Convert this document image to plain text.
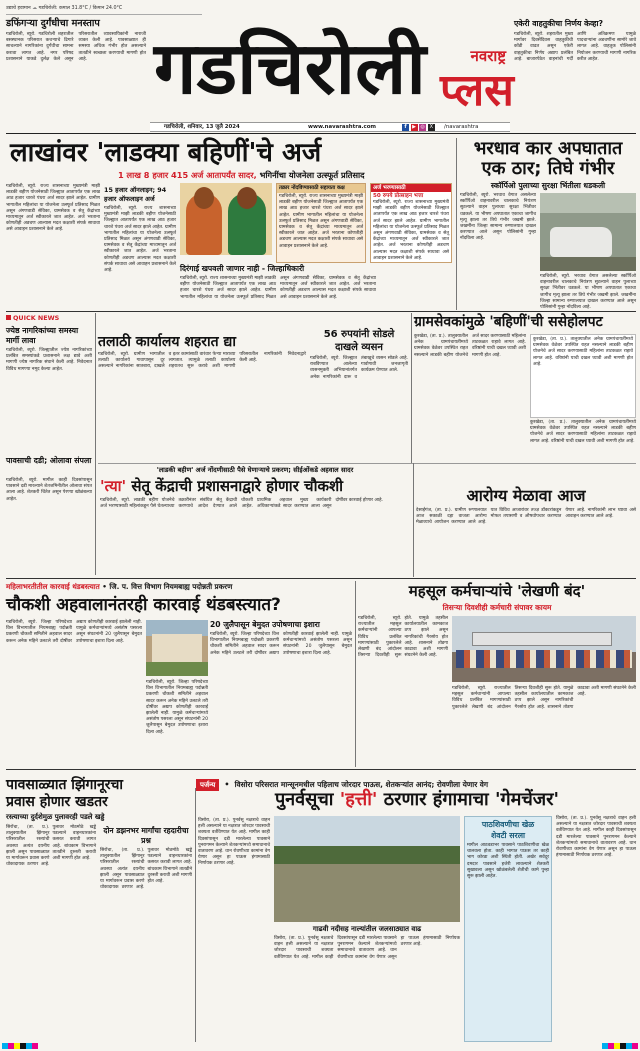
उद्याचे हवामान ☁ गडचिरोली: कमाल 31.8°C / किमान 24.0°C
गडचिरोली	नवराष्ट्र
प्लस
गडचिरोली, शनिवार, 13 जुलै 2024	www.navarashtra.com	f ▶ ◎ X	/navarashtra
डफिंगऱ्या दुर्गंधीचा मनस्ताप
गडचिरोली, ब्यूरो. गडचिरोली शहरातील बसस्थानक परिसरात कचऱ्याचे ढिगारे साचल्याने नागरिकांना दुर्गंधीचा सामना करावा लागत आहे. नगर परिषद प्रशासनाने याकडे दुर्लक्ष केले असून परिसरातील व्यावसायिकांनी नाराजी व्यक्त केली आहे. पावसाळ्यात ही समस्या अधिक गंभीर होत असल्याने तातडीने स्वच्छता करण्याची मागणी होत आहे.
एकेरी वाहतुकीचा निर्णय केव्हा?
गडचिरोली, ब्यूरो. शहरातील मुख्य मार्गावर दिवसेंदिवस वाहतुकीची कोंडी वाढत असून एकेरी वाहतुकीचा निर्णय अद्याप प्रलंबित आहे. बाजारपेठेत वाहनांची गर्दी आणि अतिक्रमण यामुळे पादचाऱ्यांना अडचणींना सामोरे जावे लागत आहे. वाहतूक पोलिसांनी नियोजन करण्याची मागणी नागरिक करीत आहेत.
लाखांवर 'लाडक्या बहिणीं'चे अर्ज
1 लाख 8 हजार 415 अर्ज आतापर्यंत सादर, भगिनींचा योजनेला उत्स्फूर्त प्रतिसाद
गडचिरोली, ब्यूरो. राज्य शासनाच्या मुख्यमंत्री माझी लाडकी बहीण योजनेसाठी जिल्ह्यात आतापर्यंत एक लाख आठ हजार चारशे पंधरा अर्ज सादर झाले आहेत. ग्रामीण भागातील महिलांचा या योजनेला उत्स्फूर्त प्रतिसाद मिळत असून अंगणवाडी सेविका, ग्रामसेवक व सेतू केंद्रांच्या माध्यमातून अर्ज स्वीकारले जात आहेत. अर्ज भरताना कोणतीही अडचण आल्यास मदत कक्षाशी संपर्क साधावा असे आवाहन प्रशासनाने केले आहे.
15 हजार ऑनलाइन; 94 हजार ऑफलाइन अर्ज
गडचिरोली, ब्यूरो. राज्य शासनाच्या मुख्यमंत्री माझी लाडकी बहीण योजनेसाठी जिल्ह्यात आतापर्यंत एक लाख आठ हजार चारशे पंधरा अर्ज सादर झाले आहेत. ग्रामीण भागातील महिलांचा या योजनेला उत्स्फूर्त प्रतिसाद मिळत असून अंगणवाडी सेविका, ग्रामसेवक व सेतू केंद्रांच्या माध्यमातून अर्ज स्वीकारले जात आहेत. अर्ज भरताना कोणतीही अडचण आल्यास मदत कक्षाशी संपर्क साधावा असे आवाहन प्रशासनाने केले आहे.	दिरंगाई खपवली जाणार नाही - जिल्हाधिकारी
गडचिरोली, ब्यूरो. राज्य शासनाच्या मुख्यमंत्री माझी लाडकी बहीण योजनेसाठी जिल्ह्यात आतापर्यंत एक लाख आठ हजार चारशे पंधरा अर्ज सादर झाले आहेत. ग्रामीण भागातील महिलांचा या योजनेला उत्स्फूर्त प्रतिसाद मिळत असून अंगणवाडी सेविका, ग्रामसेवक व सेतू केंद्रांच्या माध्यमातून अर्ज स्वीकारले जात आहेत. अर्ज भरताना कोणतीही अडचण आल्यास मदत कक्षाशी संपर्क साधावा असे आवाहन प्रशासनाने केले आहे.
तक्रार नोंदविण्यासाठी सहायता कक्ष
गडचिरोली, ब्यूरो. राज्य शासनाच्या मुख्यमंत्री माझी लाडकी बहीण योजनेसाठी जिल्ह्यात आतापर्यंत एक लाख आठ हजार चारशे पंधरा अर्ज सादर झाले आहेत. ग्रामीण भागातील महिलांचा या योजनेला उत्स्फूर्त प्रतिसाद मिळत असून अंगणवाडी सेविका, ग्रामसेवक व सेतू केंद्रांच्या माध्यमातून अर्ज स्वीकारले जात आहेत. अर्ज भरताना कोणतीही अडचण आल्यास मदत कक्षाशी संपर्क साधावा असे आवाहन प्रशासनाने केले आहे.
अर्ज भरण्यासाठी
50 रुपये प्रोत्साहन भत्ता
गडचिरोली, ब्यूरो. राज्य शासनाच्या मुख्यमंत्री माझी लाडकी बहीण योजनेसाठी जिल्ह्यात आतापर्यंत एक लाख आठ हजार चारशे पंधरा अर्ज सादर झाले आहेत. ग्रामीण भागातील महिलांचा या योजनेला उत्स्फूर्त प्रतिसाद मिळत असून अंगणवाडी सेविका, ग्रामसेवक व सेतू केंद्रांच्या माध्यमातून अर्ज स्वीकारले जात आहेत. अर्ज भरताना कोणतीही अडचण आल्यास मदत कक्षाशी संपर्क साधावा असे आवाहन प्रशासनाने केले आहे.
भरधाव कार अपघातात
एक ठार; तिघे गंभीर
स्कॉर्पिओ पुलाच्या सुरक्षा भिंतीला धडकली
गडचिरोली, ब्यूरो. भरधाव वेगात असलेल्या स्कॉर्पिओ वाहनावरील चालकाचे नियंत्रण सुटल्याने वाहन पुलाच्या सुरक्षा भिंतीवर धडकले. या भीषण अपघातात एकाचा जागीच मृत्यू झाला तर तिघे गंभीर जखमी झाले. जखमींना जिल्हा सामान्य रुग्णालयात दाखल करण्यात आले असून पोलिसांनी गुन्हा नोंदविला आहे.
गडचिरोली, ब्यूरो. भरधाव वेगात असलेल्या स्कॉर्पिओ वाहनावरील चालकाचे नियंत्रण सुटल्याने वाहन पुलाच्या सुरक्षा भिंतीवर धडकले. या भीषण अपघातात एकाचा जागीच मृत्यू झाला तर तिघे गंभीर जखमी झाले. जखमींना जिल्हा सामान्य रुग्णालयात दाखल करण्यात आले असून पोलिसांनी गुन्हा नोंदविला आहे.
QUICK NEWS
ज्येष्ठ नागरिकांच्या समस्या मार्गी लावा
गडचिरोली, ब्यूरो. जिल्ह्यातील ज्येष्ठ नागरिकांच्या प्रलंबित समस्यांकडे प्रशासनाने लक्ष द्यावे अशी मागणी ज्येष्ठ नागरिक संघाने केली आहे. निवेदनात विविध मागण्या नमूद केल्या आहेत.
पावसाची दडी; ओलावा संपला
गडचिरोली, ब्यूरो. मागील काही दिवसांपासून पावसाने दडी मारल्याने शेतजमिनीतील ओलावा संपत आला आहे. शेतकरी चिंतेत असून पेरण्या खोळंबल्या आहेत.
तलाठी कार्यालय शहरात द्या
गडचिरोली, ब्यूरो. ग्रामीण भागातील तलाठी कार्यालये गावापासून दूर असल्याने नागरिकांना सातबारा, दाखले व इतर कामांसाठी वारंवार फेऱ्या माराव्या लागतात. त्यामुळे तलाठी कार्यालय शहरातच सुरू करावे अशी मागणी परिसरातील नागरिकांनी निवेदनाद्वारे केली आहे.
56 रुपयांनी सोडले
दाखले व्यसन
गडचिरोली, ब्यूरो. जिल्ह्यात राबविण्यात आलेल्या व्यसनमुक्ती अभियानांतर्गत अनेक नागरिकांनी दारू व तंबाखूचे व्यसन सोडले आहे. गावोगावी जनजागृती कार्यक्रम घेण्यात आले.
ग्रामसेवकांमुळे 'बहिणीं'ची ससेहोलपट
कुरखेडा, (ता. प्र.). तालुक्यातील अनेक ग्रामपंचायतींमध्ये ग्रामसेवक वेळेवर उपस्थित राहत नसल्याने लाडकी बहीण योजनेचे अर्ज सादर करण्यासाठी महिलांना ताटकळत राहावे लागत आहे. वरिष्ठांनी याची दखल घ्यावी अशी मागणी होत आहे.
कुरखेडा, (ता. प्र.). तालुक्यातील अनेक ग्रामपंचायतींमध्ये ग्रामसेवक वेळेवर उपस्थित राहत नसल्याने लाडकी बहीण योजनेचे अर्ज सादर करण्यासाठी महिलांना ताटकळत राहावे लागत आहे. वरिष्ठांनी याची दखल घ्यावी अशी मागणी होत आहे.
कुरखेडा, (ता. प्र.). तालुक्यातील अनेक ग्रामपंचायतींमध्ये ग्रामसेवक वेळेवर उपस्थित राहत नसल्याने लाडकी बहीण योजनेचे अर्ज सादर करण्यासाठी महिलांना ताटकळत राहावे लागत आहे. वरिष्ठांनी याची दखल घ्यावी अशी मागणी होत आहे.
'लाडकी बहीण' अर्ज नोंदणीसाठी पैसे घेणाऱ्याचे प्रकरण; सीईओंकडे अहवाल सादर
'त्या' सेतू केंद्राची प्रशासनाद्वारे होणार चौकशी
गडचिरोली, ब्यूरो. लाडकी बहीण योजनेचे अर्ज भरण्यासाठी महिलांकडून पैसे घेतल्याच्या तक्रारीनंतर संबंधित सेतू केंद्राची चौकशी करण्याचे आदेश देण्यात आले आहेत. प्राथमिक अहवाल मुख्य कार्यकारी अधिकाऱ्यांकडे सादर करण्यात आला असून दोषींवर कारवाई होणार आहे.	आरोग्य मेळावा आज
देसाईगंज, (ता. प्र.). ग्रामीण रुग्णालयात आज सकाळी दहा वाजता आरोग्य मेळाव्याचे आयोजन करण्यात आले आहे. यात विविध आजारांवर तज्ज्ञ डॉक्टरांकडून मोफत तपासणी व औषधोपचार करण्यात येणार आहे. नागरिकांनी लाभ घ्यावा असे आवाहन करण्यात आले आहे.
महिलाभरतीतील कारवाई थंडबस्त्यात • जि. प. वित्त विभाग नियमबाह्य पदोन्नती प्रकरण
चौकशी अहवालानंतरही कारवाई थंडबस्त्यात?
गडचिरोली, ब्यूरो. जिल्हा परिषदेच्या वित्त विभागातील नियमबाह्य पदोन्नती प्रकरणी चौकशी समितीने अहवाल सादर करून अनेक महिने उलटले तरी दोषींवर अद्याप कोणतीही कारवाई झालेली नाही. यामुळे कर्मचाऱ्यांमध्ये असंतोष पसरला असून संघटनांनी 20 जुलैपासून बेमुदत उपोषणाचा इशारा दिला आहे.
20 जुलैपासून बेमुदत उपोषणाचा इशारा
गडचिरोली, ब्यूरो. जिल्हा परिषदेच्या वित्त विभागातील नियमबाह्य पदोन्नती प्रकरणी चौकशी समितीने अहवाल सादर करून अनेक महिने उलटले तरी दोषींवर अद्याप कोणतीही कारवाई झालेली नाही. यामुळे कर्मचाऱ्यांमध्ये असंतोष पसरला असून संघटनांनी 20 जुलैपासून बेमुदत उपोषणाचा इशारा दिला आहे.
गडचिरोली, ब्यूरो. जिल्हा परिषदेच्या वित्त विभागातील नियमबाह्य पदोन्नती प्रकरणी चौकशी समितीने अहवाल सादर करून अनेक महिने उलटले तरी दोषींवर अद्याप कोणतीही कारवाई झालेली नाही. यामुळे कर्मचाऱ्यांमध्ये असंतोष पसरला असून संघटनांनी 20 जुलैपासून बेमुदत उपोषणाचा इशारा दिला आहे.
महसूल कर्मचाऱ्यांचे 'लेखणी बंद'
तिसऱ्या दिवशीही कर्मचारी संपावर कायम
गडचिरोली, ब्यूरो. राज्यातील महसूल कर्मचाऱ्यांनी आपल्या विविध प्रलंबित मागण्यांसाठी पुकारलेले लेखणी बंद आंदोलन तिसऱ्या दिवशीही सुरू होते. यामुळे तहसील कार्यालयातील कामकाज ठप्प झाले असून नागरिकांची गैरसोय होत आहे. शासनाने तोडगा काढावा अशी मागणी संघटनेने केली आहे.
गडचिरोली, ब्यूरो. राज्यातील महसूल कर्मचाऱ्यांनी आपल्या विविध प्रलंबित मागण्यांसाठी पुकारलेले लेखणी बंद आंदोलन तिसऱ्या दिवशीही सुरू होते. यामुळे तहसील कार्यालयातील कामकाज ठप्प झाले असून नागरिकांची गैरसोय होत आहे. शासनाने तोडगा काढावा अशी मागणी संघटनेने केली आहे.
पर्जन्य • विसोरा परिसरात मान्सूनमधील पहिलाच जोरदार पाऊस, शेतकऱ्यांत आनंद; रोवणीला येणार वेग
पावसाळ्यात झिंगानूरचा
प्रवास होणार खडतर
रस्त्याच्या दुर्दशेमुळ पुलावरही पडले खड्डे
सिरोंचा, (ता. प्र.). तालुक्यातील झिंगानूर परिसरातील रस्त्यांची अवस्था अत्यंत दयनीय झाली असून पावसाळ्यात या मार्गावरून प्रवास करणे धोकादायक ठरणार आहे. पुलावर मोठमोठे खड्डे पडल्याने वाहनधारकांना कसरत करावी लागत आहे. बांधकाम विभागाने तातडीने दुरुस्ती करावी अशी मागणी होत आहे.
दोन डझनभर मार्गांचा रहदारीचा प्रश्न
सिरोंचा, (ता. प्र.). तालुक्यातील झिंगानूर परिसरातील रस्त्यांची अवस्था अत्यंत दयनीय झाली असून पावसाळ्यात या मार्गावरून प्रवास करणे धोकादायक ठरणार आहे. पुलावर मोठमोठे खड्डे पडल्याने वाहनधारकांना कसरत करावी लागत आहे. बांधकाम विभागाने तातडीने दुरुस्ती करावी अशी मागणी होत आहे.
पुनर्वसूचा 'हत्ती' ठरणार हंगामाचा 'गेमचेंजर'
विसोरा, (ता. प्र.). पुनर्वसू नक्षत्राचे वाहन हत्ती असल्याने या नक्षत्रात जोरदार पावसाची शक्यता वर्तविण्यात येत आहे. मागील काही दिवसांपासून दडी मारलेल्या पावसाने पुनरागमन केल्याने शेतकऱ्यांमध्ये समाधानाचे वातावरण आहे. धान रोवणीच्या कामांना वेग येणार असून हा पाऊस हंगामासाठी निर्णायक ठरणार आहे.
गाढवी नदीसह नाल्यांतील जलसाठ्यात वाढ
विसोरा, (ता. प्र.). पुनर्वसू नक्षत्राचे वाहन हत्ती असल्याने या नक्षत्रात जोरदार पावसाची शक्यता वर्तविण्यात येत आहे. मागील काही दिवसांपासून दडी मारलेल्या पावसाने पुनरागमन केल्याने शेतकऱ्यांमध्ये समाधानाचे वातावरण आहे. धान रोवणीच्या कामांना वेग येणार असून हा पाऊस हंगामासाठी निर्णायक ठरणार आहे.
पाठशिवणीचा खेळ
शेवटी सरला
मागील आठवडाभर पावसाने पाठशिवणीचा खेळ चालवला होता. काही भागात पाऊस तर काही भाग कोरडा अशी स्थिती होती. अखेर सर्वदूर दमदार पावसाने हजेरी लावल्याने शेतकरी सुखावला असून खोळंबलेली शेतीची कामे पुन्हा सुरू झाली आहेत.
विसोरा, (ता. प्र.). पुनर्वसू नक्षत्राचे वाहन हत्ती असल्याने या नक्षत्रात जोरदार पावसाची शक्यता वर्तविण्यात येत आहे. मागील काही दिवसांपासून दडी मारलेल्या पावसाने पुनरागमन केल्याने शेतकऱ्यांमध्ये समाधानाचे वातावरण आहे. धान रोवणीच्या कामांना वेग येणार असून हा पाऊस हंगामासाठी निर्णायक ठरणार आहे.
